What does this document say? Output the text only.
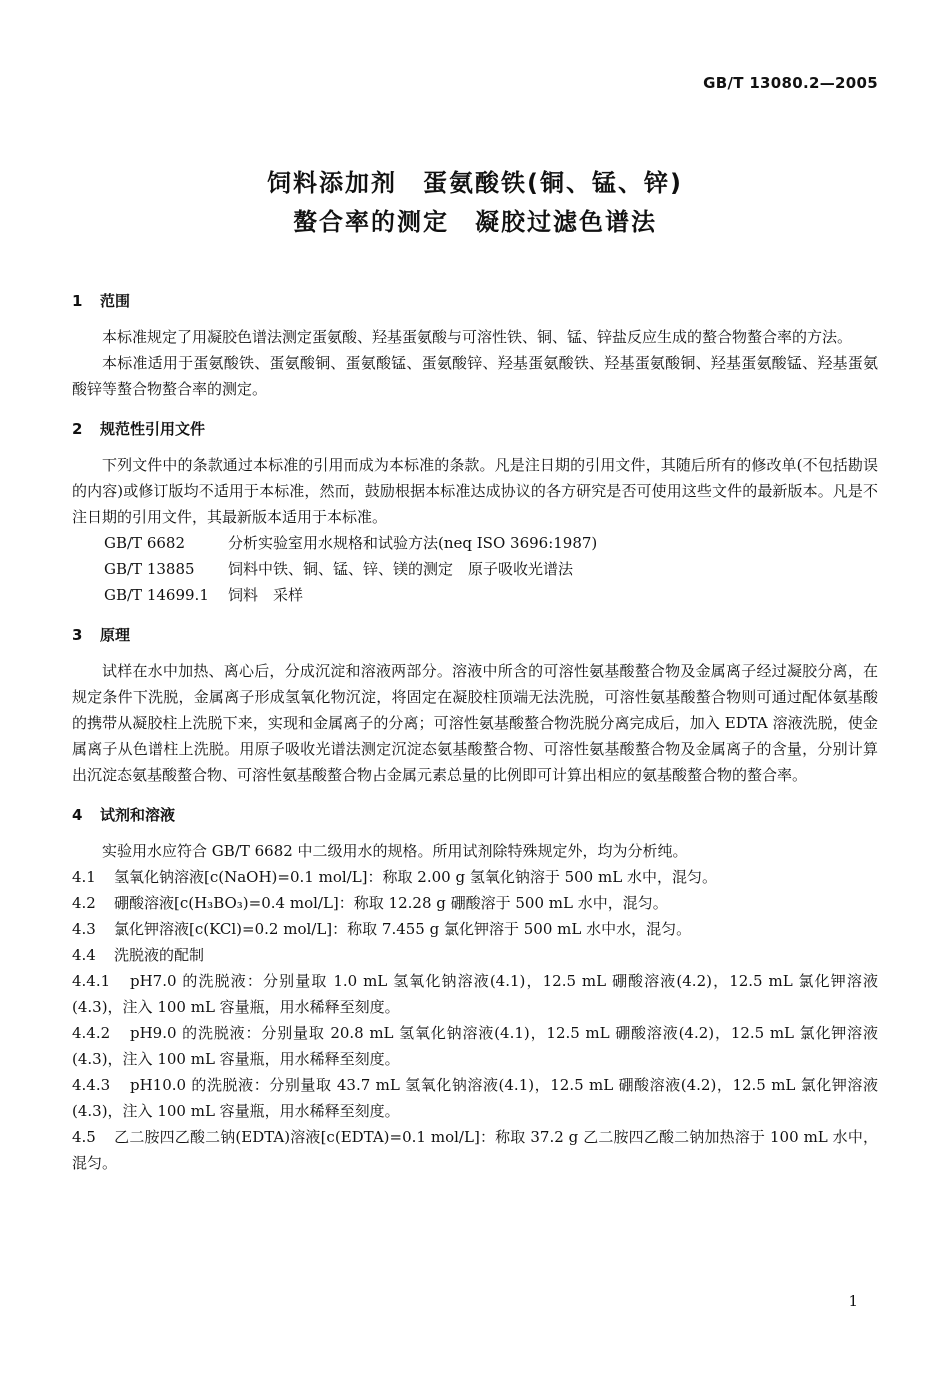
GB/T 13080.2—2005
饲料添加剂　蛋氨酸铁(铜、锰、锌)
螯合率的测定　凝胶过滤色谱法
1 范围

本标准规定了用凝胶色谱法测定蛋氨酸、羟基蛋氨酸与可溶性铁、铜、锰、锌盐反应生成的螯合物螯合率的方法。

本标准适用于蛋氨酸铁、蛋氨酸铜、蛋氨酸锰、蛋氨酸锌、羟基蛋氨酸铁、羟基蛋氨酸铜、羟基蛋氨酸锰、羟基蛋氨酸锌等螯合物螯合率的测定。

2 规范性引用文件

下列文件中的条款通过本标准的引用而成为本标准的条款。凡是注日期的引用文件，其随后所有的修改单(不包括勘误的内容)或修订版均不适用于本标准，然而，鼓励根据本标准达成协议的各方研究是否可使用这些文件的最新版本。凡是不注日期的引用文件，其最新版本适用于本标准。

GB/T 6682	分析实验室用水规格和试验方法(neq ISO 3696:1987)

GB/T 13885 饲料中铁、铜、锰、锌、镁的测定　原子吸收光谱法

GB/T 14699.1 饲料　采样

3 原理

试样在水中加热、离心后，分成沉淀和溶液两部分。溶液中所含的可溶性氨基酸螯合物及金属离子经过凝胶分离，在规定条件下洗脱，金属离子形成氢氧化物沉淀，将固定在凝胶柱顶端无法洗脱，可溶性氨基酸螯合物则可通过配体氨基酸的携带从凝胶柱上洗脱下来，实现和金属离子的分离；可溶性氨基酸螯合物洗脱分离完成后，加入 EDTA 溶液洗脱，使金属离子从色谱柱上洗脱。用原子吸收光谱法测定沉淀态氨基酸螯合物、可溶性氨基酸螯合物及金属离子的含量，分别计算出沉淀态氨基酸螯合物、可溶性氨基酸螯合物占金属元素总量的比例即可计算出相应的氨基酸螯合物的螯合率。

4 试剂和溶液

实验用水应符合 GB/T 6682 中二级用水的规格。所用试剂除特殊规定外，均为分析纯。

4.1 氢氧化钠溶液[c(NaOH)=0.1 mol/L]：称取 2.00 g 氢氧化钠溶于 500 mL 水中，混匀。

4.2 硼酸溶液[c(H₃BO₃)=0.4 mol/L]：称取 12.28 g 硼酸溶于 500 mL 水中，混匀。

4.3 氯化钾溶液[c(KCl)=0.2 mol/L]：称取 7.455 g 氯化钾溶于 500 mL 水中水，混匀。

4.4 洗脱液的配制

4.4.1 pH7.0 的洗脱液：分别量取 1.0 mL 氢氧化钠溶液(4.1)，12.5 mL 硼酸溶液(4.2)，12.5 mL 氯化钾溶液(4.3)，注入 100 mL 容量瓶，用水稀释至刻度。

4.4.2 pH9.0 的洗脱液：分别量取 20.8 mL 氢氧化钠溶液(4.1)，12.5 mL 硼酸溶液(4.2)，12.5 mL 氯化钾溶液(4.3)，注入 100 mL 容量瓶，用水稀释至刻度。

4.4.3 pH10.0 的洗脱液：分别量取 43.7 mL 氢氧化钠溶液(4.1)，12.5 mL 硼酸溶液(4.2)，12.5 mL 氯化钾溶液(4.3)，注入 100 mL 容量瓶，用水稀释至刻度。

4.5 乙二胺四乙酸二钠(EDTA)溶液[c(EDTA)=0.1 mol/L]：称取 37.2 g 乙二胺四乙酸二钠加热溶于 100 mL 水中，混匀。

1
